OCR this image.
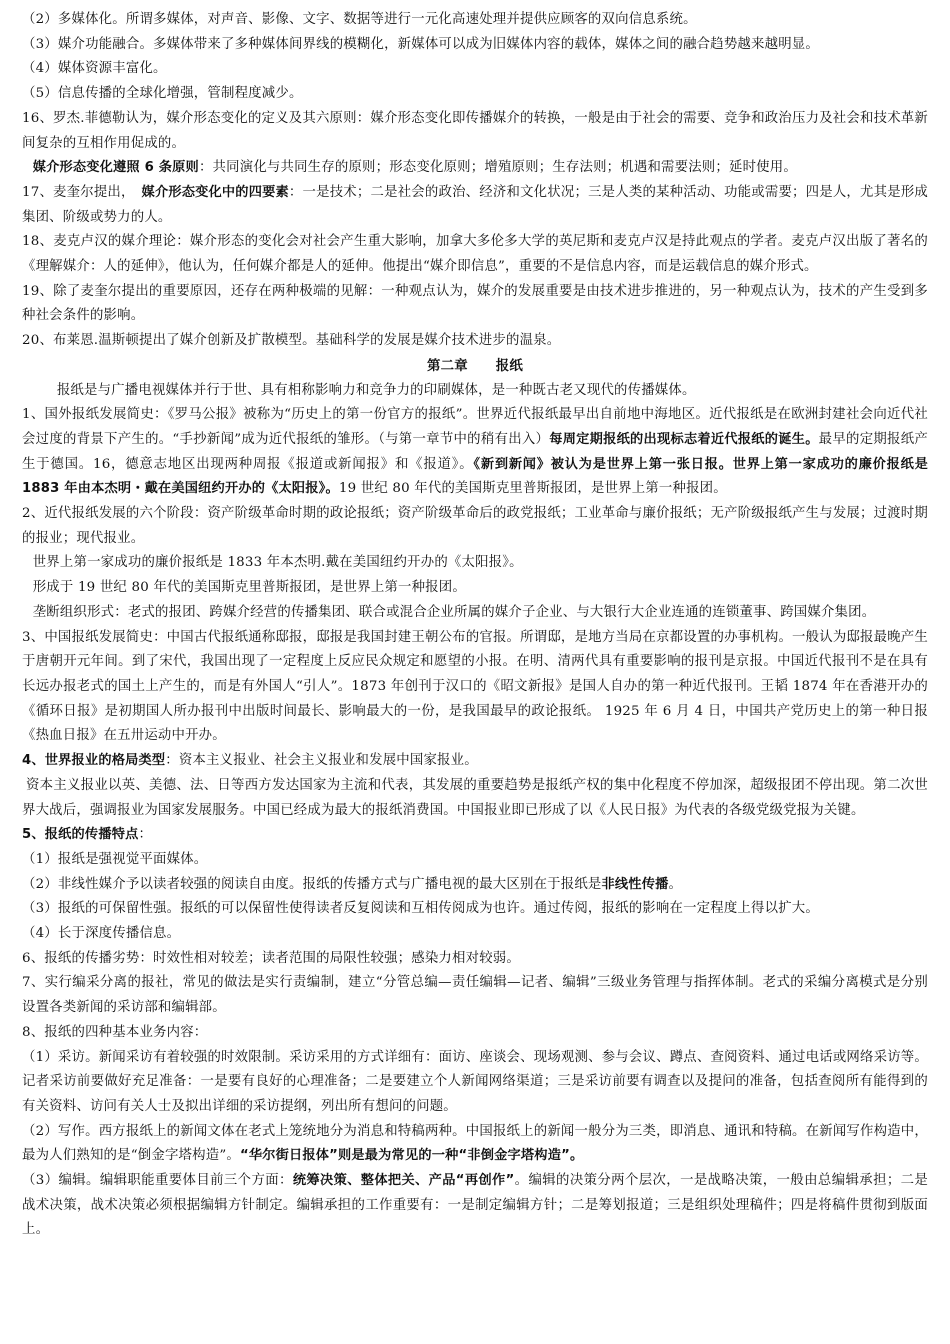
（2）多媒体化。所谓多媒体，对声音、影像、文字、数据等进行一元化高速处理并提供应顾客的双向信息系统。

（3）媒介功能融合。多媒体带来了多种媒体间界线的模糊化，新媒体可以成为旧媒体内容的载体，媒体之间的融合趋势越来越明显。

（4）媒体资源丰富化。

（5）信息传播的全球化增强，管制程度减少。

16、罗杰.菲德勒认为，媒介形态变化的定义及其六原则：媒介形态变化即传播媒介的转换，一般是由于社会的需要、竞争和政治压力及社会和技术革新间复杂的互相作用促成的。

媒介形态变化遵照 6 条原则：共同演化与共同生存的原则；形态变化原则；增殖原则；生存法则；机遇和需要法则；延时使用。

17、麦奎尔提出，　媒介形态变化中的四要素：一是技术；二是社会的政治、经济和文化状况；三是人类的某种活动、功能或需要；四是人，尤其是形成集团、阶级或势力的人。

18、麦克卢汉的媒介理论：媒介形态的变化会对社会产生重大影响，加拿大多伦多大学的英尼斯和麦克卢汉是持此观点的学者。麦克卢汉出版了著名的《理解媒介：人的延伸》，他认为，任何媒介都是人的延伸。他提出“媒介即信息”，重要的不是信息内容，而是运载信息的媒介形式。

19、除了麦奎尔提出的重要原因，还存在两种极端的见解：一种观点认为，媒介的发展重要是由技术进步推进的，另一种观点认为，技术的产生受到多种社会条件的影响。

20、布莱恩.温斯顿提出了媒介创新及扩散模型。基础科学的发展是媒介技术进步的温泉。

第二章 报纸

报纸是与广播电视媒体并行于世、具有相称影响力和竞争力的印刷媒体，是一种既古老又现代的传播媒体。

1、国外报纸发展简史：《罗马公报》被称为“历史上的第一份官方的报纸”。世界近代报纸最早出自前地中海地区。近代报纸是在欧洲封建社会向近代社会过度的背景下产生的。“手抄新闻”成为近代报纸的雏形。（与第一章节中的稍有出入）每周定期报纸的出现标志着近代报纸的诞生。最早的定期报纸产生于德国。16，德意志地区出现两种周报《报道或新闻报》和《报道》。《新到新闻》被认为是世界上第一张日报。世界上第一家成功的廉价报纸是 1883 年由本杰明・戴在美国纽约开办的《太阳报》。19 世纪 80 年代的美国斯克里普斯报团，是世界上第一种报团。

2、近代报纸发展的六个阶段：资产阶级革命时期的政论报纸；资产阶级革命后的政党报纸；工业革命与廉价报纸；无产阶级报纸产生与发展；过渡时期的报业；现代报业。

世界上第一家成功的廉价报纸是 1833 年本杰明.戴在美国纽约开办的《太阳报》。

形成于 19 世纪 80 年代的美国斯克里普斯报团，是世界上第一种报团。

垄断组织形式：老式的报团、跨媒介经营的传播集团、联合或混合企业所属的媒介子企业、与大银行大企业连通的连锁董事、跨国媒介集团。

3、中国报纸发展简史：中国古代报纸通称邸报，邸报是我国封建王朝公布的官报。所谓邸，是地方当局在京都设置的办事机构。一般认为邸报最晚产生于唐朝开元年间。到了宋代，我国出现了一定程度上反应民众规定和愿望的小报。在明、清两代具有重要影响的报刊是京报。中国近代报刊不是在具有长远办报老式的国土上产生的，而是有外国人“引人”。1873 年创刊于汉口的《昭文新报》是国人自办的第一种近代报刊。王韬 1874 年在香港开办的《循环日报》是初期国人所办报刊中出版时间最长、影响最大的一份，是我国最早的政论报纸。 1925 年 6 月 4 日，中国共产党历史上的第一种日报《热血日报》在五卅运动中开办。

4、世界报业的格局类型：资本主义报业、社会主义报业和发展中国家报业。

资本主义报业以英、美德、法、日等西方发达国家为主流和代表，其发展的重要趋势是报纸产权的集中化程度不停加深，超级报团不停出现。第二次世界大战后，强调报业为国家发展服务。中国已经成为最大的报纸消费国。中国报业即已形成了以《人民日报》为代表的各级党级党报为关键。

5、报纸的传播特点：

（1）报纸是强视觉平面媒体。

（2）非线性媒介予以读者较强的阅读自由度。报纸的传播方式与广播电视的最大区别在于报纸是非线性传播。

（3）报纸的可保留性强。报纸的可以保留性使得读者反复阅读和互相传阅成为也许。通过传阅，报纸的影响在一定程度上得以扩大。

（4）长于深度传播信息。

6、报纸的传播劣势：时效性相对较差；读者范围的局限性较强；感染力相对较弱。

7、实行编采分离的报社，常见的做法是实行责编制，建立“分管总编—责任编辑—记者、编辑”三级业务管理与指挥体制。老式的采编分离模式是分别设置各类新闻的采访部和编辑部。

8、报纸的四种基本业务内容：

（1）采访。新闻采访有着较强的时效限制。采访采用的方式详细有：面访、座谈会、现场观测、参与会议、蹲点、查阅资料、通过电话或网络采访等。记者采访前要做好充足准备：一是要有良好的心理准备；二是要建立个人新闻网络渠道；三是采访前要有调查以及提问的准备，包括查阅所有能得到的有关资料、访问有关人士及拟出详细的采访提纲，列出所有想问的问题。

（2）写作。西方报纸上的新闻文体在老式上笼统地分为消息和特稿两种。中国报纸上的新闻一般分为三类，即消息、通讯和特稿。在新闻写作构造中，最为人们熟知的是“倒金字塔构造”。“华尔街日报体”则是最为常见的一种“非倒金字塔构造”。

（3）编辑。编辑职能重要体目前三个方面：统筹决策、整体把关、产品“再创作”。编辑的决策分两个层次，一是战略决策，一般由总编辑承担；二是战术决策，战术决策必须根据编辑方针制定。编辑承担的工作重要有：一是制定编辑方针；二是筹划报道；三是组织处理稿件；四是将稿件贯彻到版面上。
